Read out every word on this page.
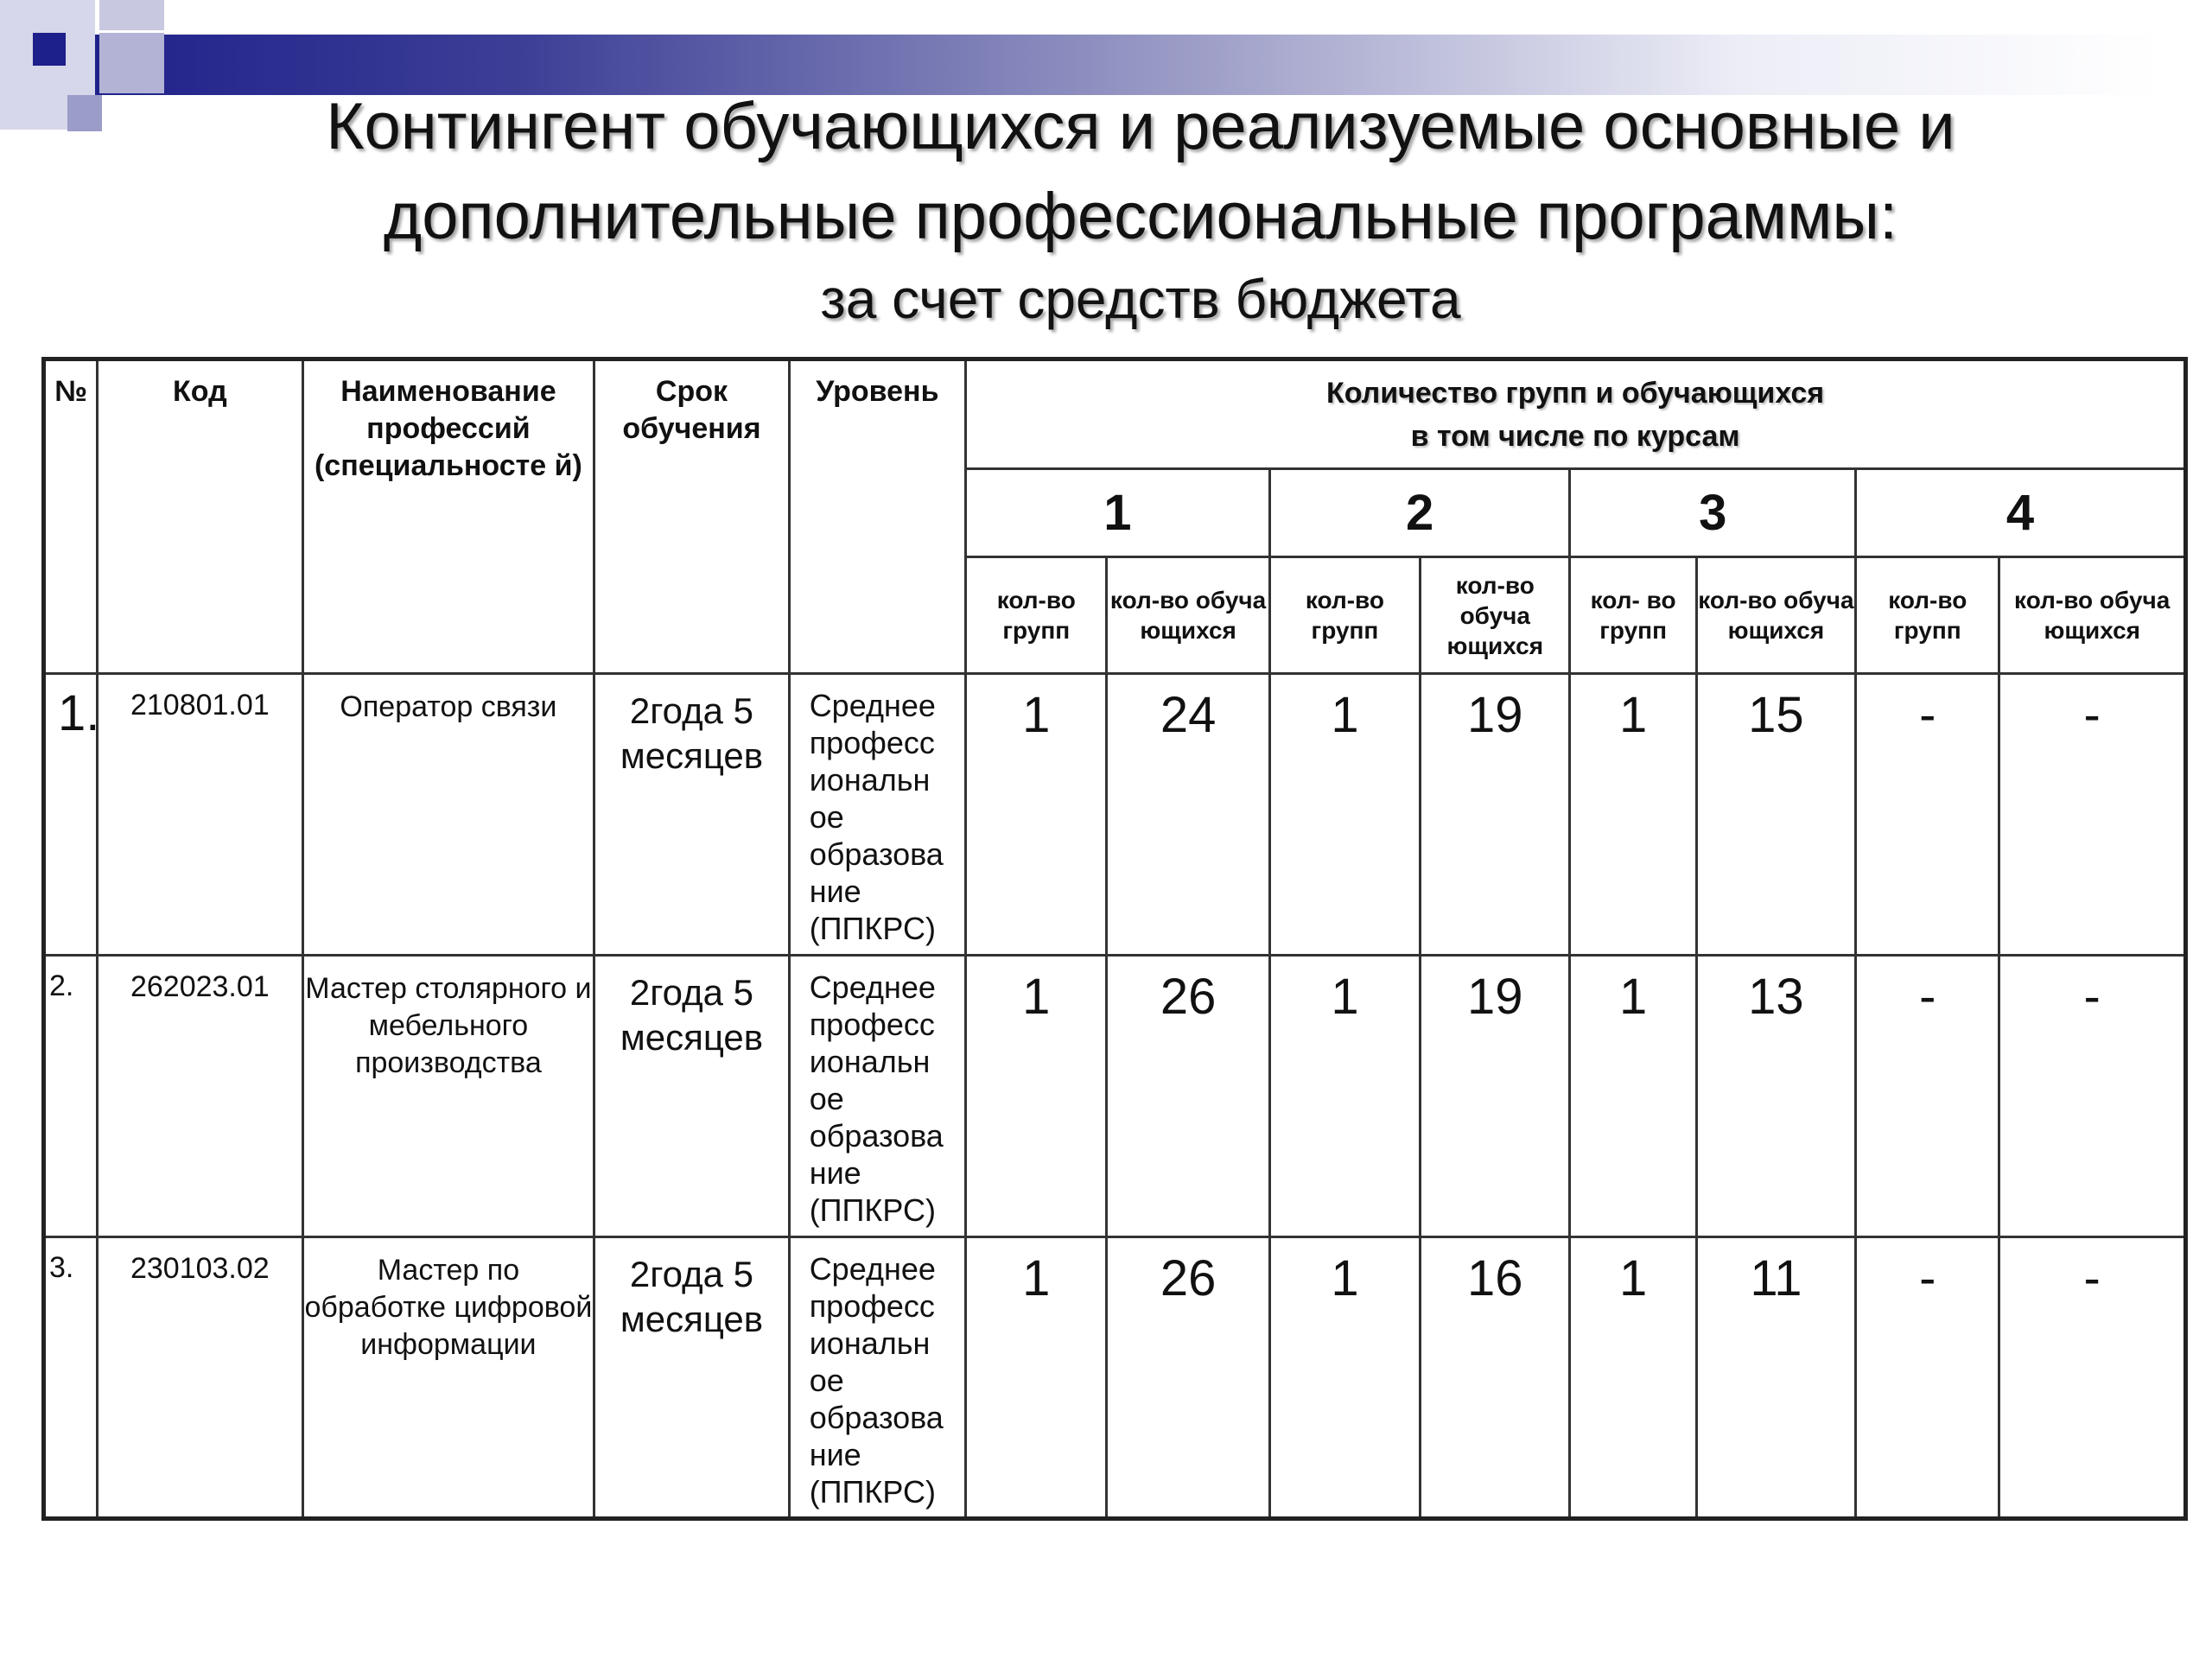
Контингент обучающихся и реализуемые основные и

дополнительные профессиональные программы:

за счет средств бюджета

№	Код	Наименование профессий (специальносте й)	Срок обучения	Уровень	Количество групп и обучающихся
в том числе по курсам							

					1		2		3		4	
					кол-во групп	кол-во обуча ющихся	кол-во групп	кол-во обуча ющихся	кол- во групп	кол-во обуча ющихся	кол-во групп	кол-во обуча ющихся
1.	210801.01	Оператор связи	2года 5 месяцев	Среднее професс иональн ое образова ние (ППКРС)	1	24	1	19	1	15	-	-
2.	262023.01	Мастер столярного и мебельного производства	2года 5 месяцев	Среднее професс иональн ое образова ние (ППКРС)	1	26	1	19	1	13	-	-
3.	230103.02	Мастер по обработке цифровой информации	2года 5 месяцев	Среднее професс иональн ое образова ние (ППКРС)	1	26	1	16	1	11	-	-
